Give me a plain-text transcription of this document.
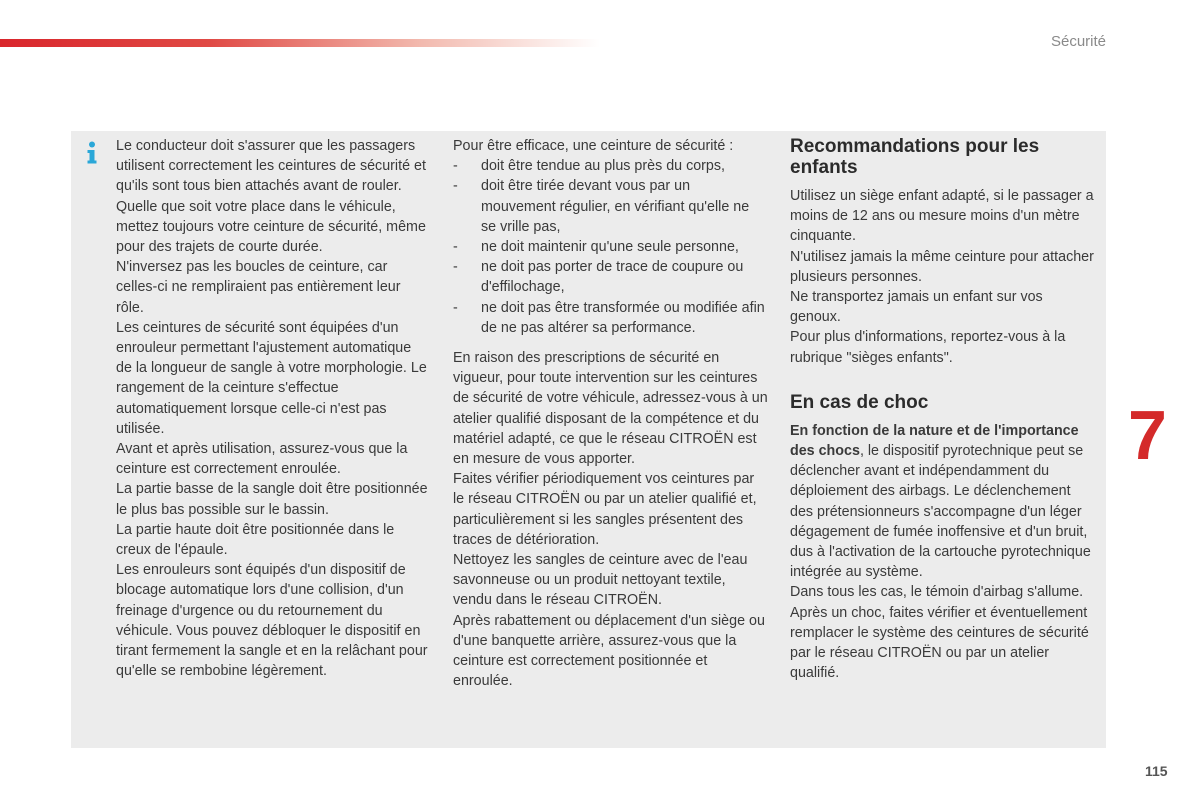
Sécurité

Le conducteur doit s'assurer que les passagers utilisent correctement les ceintures de sécurité et qu'ils sont tous bien attachés avant de rouler.

Quelle que soit votre place dans le véhicule, mettez toujours votre ceinture de sécurité, même pour des trajets de courte durée.

N'inversez pas les boucles de ceinture, car celles-ci ne rempliraient pas entièrement leur rôle.

Les ceintures de sécurité sont équipées d'un enrouleur permettant l'ajustement automatique de la longueur de sangle à votre morphologie. Le rangement de la ceinture s'effectue automatiquement lorsque celle-ci n'est pas utilisée.

Avant et après utilisation, assurez-vous que la ceinture est correctement enroulée.

La partie basse de la sangle doit être positionnée le plus bas possible sur le bassin.

La partie haute doit être positionnée dans le creux de l'épaule.

Les enrouleurs sont équipés d'un dispositif de blocage automatique lors d'une collision, d'un freinage d'urgence ou du retournement du véhicule. Vous pouvez débloquer le dispositif en tirant fermement la sangle et en la relâchant pour qu'elle se rembobine légèrement.

Pour être efficace, une ceinture de sécurité :

- doit être tendue au plus près du corps,
- doit être tirée devant vous par un mouvement régulier, en vérifiant qu'elle ne se vrille pas,
- ne doit maintenir qu'une seule personne,
- ne doit pas porter de trace de coupure ou d'effilochage,
- ne doit pas être transformée ou modifiée afin de ne pas altérer sa performance.

En raison des prescriptions de sécurité en vigueur, pour toute intervention sur les ceintures de sécurité de votre véhicule, adressez-vous à un atelier qualifié disposant de la compétence et du matériel adapté, ce que le réseau CITROËN est en mesure de vous apporter.

Faites vérifier périodiquement vos ceintures par le réseau CITROËN ou par un atelier qualifié et, particulièrement si les sangles présentent des traces de détérioration.

Nettoyez les sangles de ceinture avec de l'eau savonneuse ou un produit nettoyant textile, vendu dans le réseau CITROËN.

Après rabattement ou déplacement d'un siège ou d'une banquette arrière, assurez-vous que la ceinture est correctement positionnée et enroulée.

Recommandations pour les enfants

Utilisez un siège enfant adapté, si le passager a moins de 12 ans ou mesure moins d'un mètre cinquante.

N'utilisez jamais la même ceinture pour attacher plusieurs personnes.

Ne transportez jamais un enfant sur vos genoux.

Pour plus d'informations, reportez-vous à la rubrique "sièges enfants".

En cas de choc

En fonction de la nature et de l'importance des chocs, le dispositif pyrotechnique peut se déclencher avant et indépendamment du déploiement des airbags. Le déclenchement des prétensionneurs s'accompagne d'un léger dégagement de fumée inoffensive et d'un bruit, dus à l'activation de la cartouche pyrotechnique intégrée au système.

Dans tous les cas, le témoin d'airbag s'allume.

Après un choc, faites vérifier et éventuellement remplacer le système des ceintures de sécurité par le réseau CITROËN ou par un atelier qualifié.

7
115
